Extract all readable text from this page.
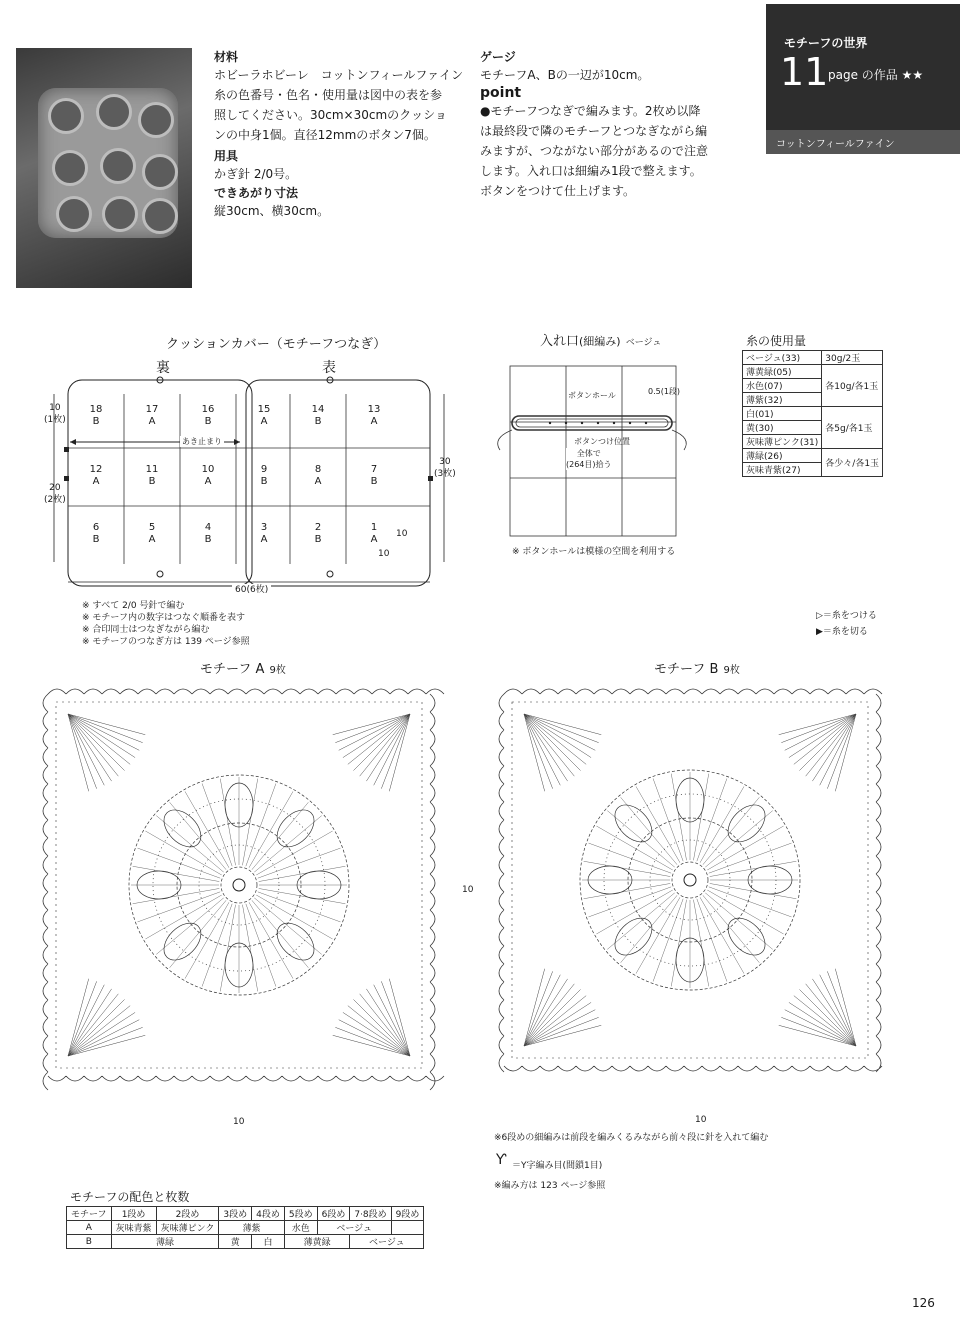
材料
ホビーラホビーレ　コットンフィールファイン
糸の色番号・色名・使用量は図中の表を参
照してください。30cm×30cmのクッショ
ンの中身1個。直径12mmのボタン7個。
用具
かぎ針 2/0号。
できあがり寸法
縦30cm、横30cm。
ゲージ
モチーフA、Bの一辺が10cm。
point
●モチーフつなぎで編みます。2枚め以降
は最終段で隣のモチーフとつなぎながら編
みますが、つながない部分があるので注意
します。入れ口は細編み1段で整えます。
ボタンをつけて仕上げます。
モチーフの世界
11 page の作品 ★★
コットンフィールファイン
クッションカバー（モチーフつなぎ）
裏	表
18
B
17
A
16
B
15
A
14
B
13
A
12
A
11
B
10
A
9
B
8
A
7
B
6
B
5
A
4
B
3
A
2
B
1
A
あき止まり
10
(1枚)
20
(2枚)
30
(3枚)
60(6枚)
10
10
※ すべて 2/0 号針で編む
※ モチーフ内の数字はつなぐ順番を表す
※ 合印同士はつなぎながら編む
※ モチーフのつなぎ方は 139 ページ参照
入れ口(細編み) ベージュ
ボタンホール	0.5(1段)
ボタンつけ位置
全体で
(264目)拾う
※ ボタンホールは模様の空間を利用する
糸の使用量
ベージュ(33)	30g/2玉
薄黄緑(05)	各10g/各1玉
水色(07)	
薄紫(32)	
白(01)	各5g/各1玉
黄(30)	
灰味薄ピンク(31)	
薄緑(26)	各少々/各1玉
灰味青紫(27)	
▷＝糸をつける
▶＝糸を切る
モチーフ A 9枚
10
10
モチーフ B 9枚
10
※6段めの細編みは前段を編みくるみながら前々段に針を入れて編む
Ƴ ＝Y字編み目(間鎖1目)
※編み方は 123 ページ参照
モチーフの配色と枚数
モチーフ	1段め	2段め	3段め	4段め	5段め	6段め	7·8段め	9段め
A	灰味青紫	灰味薄ピンク	薄紫		水色	ベージュ		
B	薄緑		黄	白	薄黄緑		ベージュ	
126
